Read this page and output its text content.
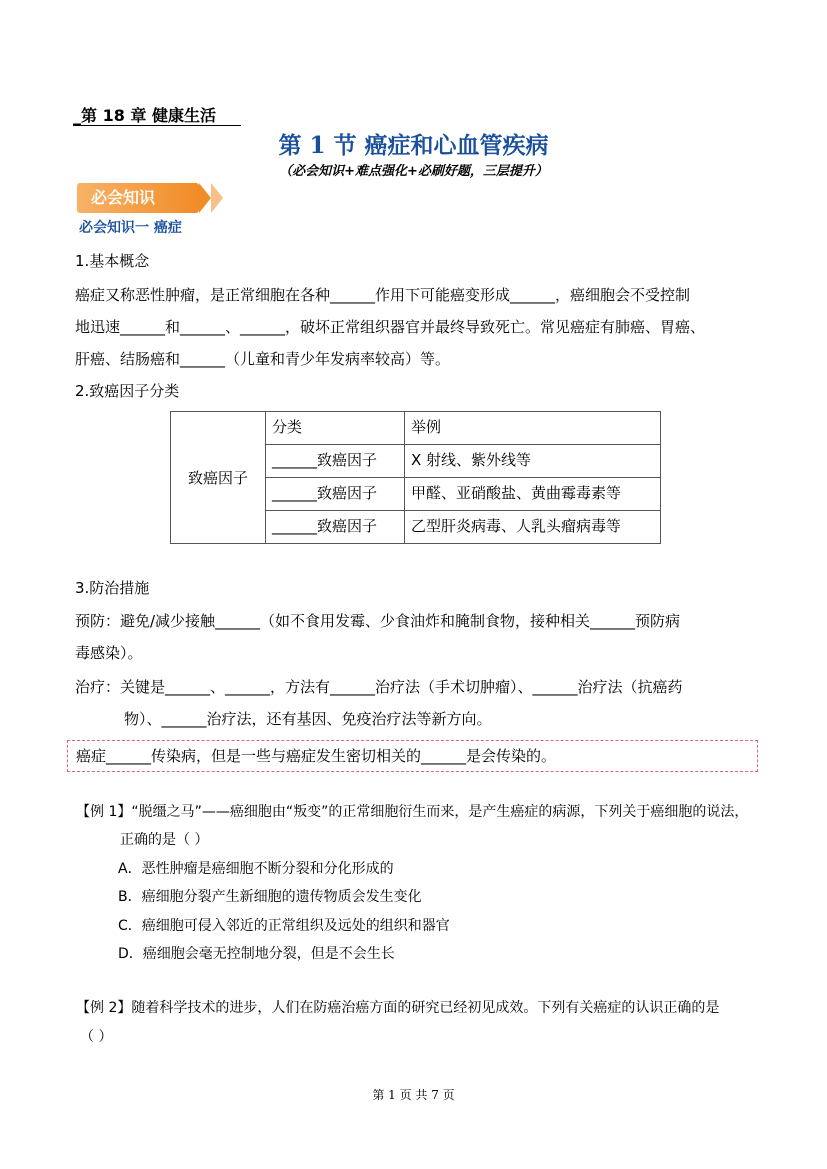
_第 18 章 健康生活
第 1 节 癌症和心血管疾病
（必会知识+难点强化+必刷好题，三层提升）
必会知识
必会知识一 癌症
1.基本概念
癌症又称恶性肿瘤，是正常细胞在各种______作用下可能癌变形成______，癌细胞会不受控制
地迅速______和______、______，破坏正常组织器官并最终导致死亡。常见癌症有肺癌、胃癌、
肝癌、结肠癌和______（儿童和青少年发病率较高）等。
2.致癌因子分类
致癌因子	分类	举例
	______致癌因子	X 射线、紫外线等
	______致癌因子	甲醛、亚硝酸盐、黄曲霉毒素等
	______致癌因子	乙型肝炎病毒、人乳头瘤病毒等
3.防治措施
预防：避免/减少接触______（如不食用发霉、少食油炸和腌制食物，接种相关______预防病
毒感染）。
治疗：关键是______、______，方法有______治疗法（手术切肿瘤）、______治疗法（抗癌药
物）、______治疗法，还有基因、免疫治疗法等新方向。
癌症______传染病，但是一些与癌症发生密切相关的______是会传染的。
【例 1】“脱缰之马”——癌细胞由“叛变”的正常细胞衍生而来，是产生癌症的病源，下列关于癌细胞的说法，
正确的是（ ）
A．恶性肿瘤是癌细胞不断分裂和分化形成的
B．癌细胞分裂产生新细胞的遗传物质会发生变化
C．癌细胞可侵入邻近的正常组织及远处的组织和器官
D．癌细胞会毫无控制地分裂，但是不会生长
【例 2】随着科学技术的进步，人们在防癌治癌方面的研究已经初见成效。下列有关癌症的认识正确的是
（ ）
第 1 页 共 7 页
